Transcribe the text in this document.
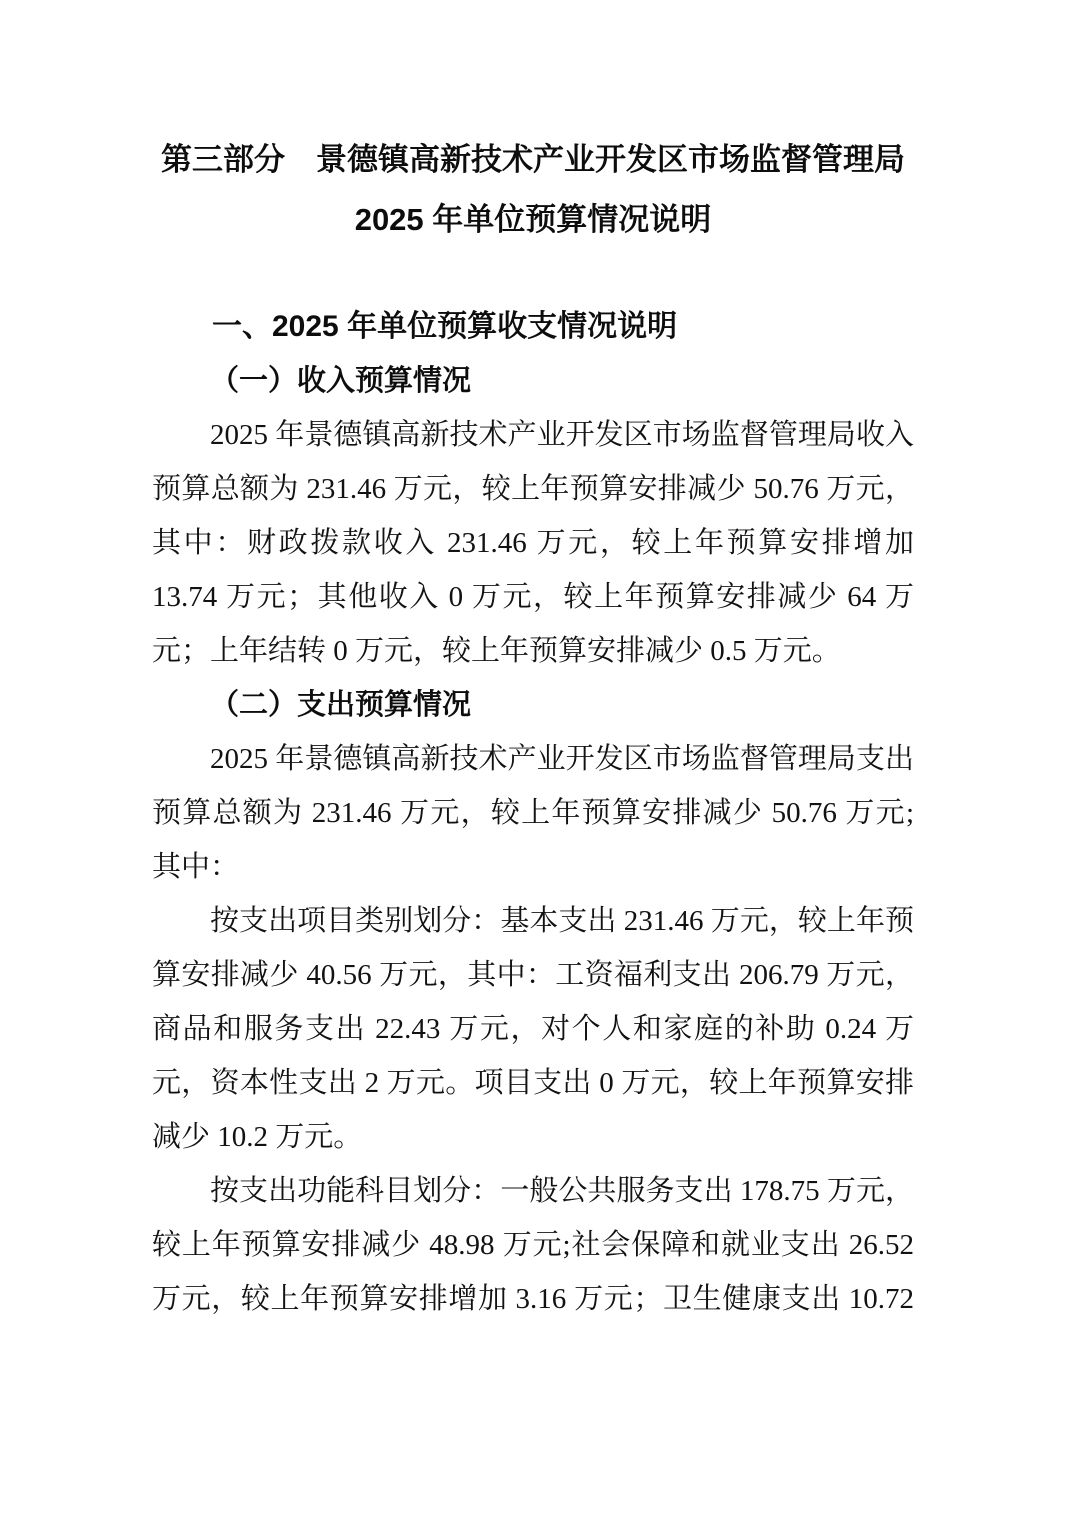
第三部分　景德镇高新技术产业开发区市场监督管理局
2025 年单位预算情况说明
一、2025 年单位预算收支情况说明
（一）收入预算情况

2025 年景德镇高新技术产业开发区市场监督管理局收入预算总额为 231.46 万元，较上年预算安排减少 50.76 万元，其中：财政拨款收入 231.46 万元，较上年预算安排增加 13.74 万元；其他收入 0 万元，较上年预算安排减少 64 万元；上年结转 0 万元，较上年预算安排减少 0.5 万元。

（二）支出预算情况

2025 年景德镇高新技术产业开发区市场监督管理局支出预算总额为 231.46 万元，较上年预算安排减少 50.76 万元;其中：

按支出项目类别划分：基本支出 231.46 万元，较上年预算安排减少 40.56 万元，其中：工资福利支出 206.79 万元，商品和服务支出 22.43 万元，对个人和家庭的补助 0.24 万元，资本性支出 2 万元。项目支出 0 万元，较上年预算安排减少 10.2 万元。

按支出功能科目划分：一般公共服务支出 178.75 万元，较上年预算安排减少 48.98 万元;社会保障和就业支出 26.52 万元，较上年预算安排增加 3.16 万元；卫生健康支出 10.72
